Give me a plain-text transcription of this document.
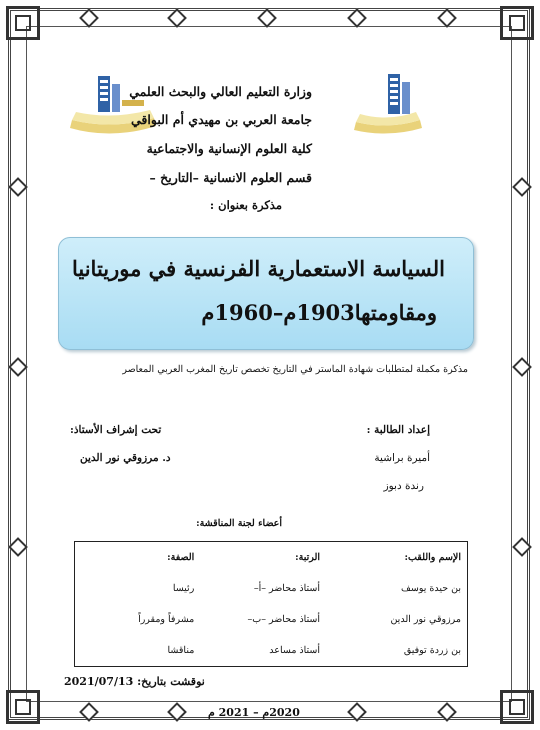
وزارة التعليم العالي والبحث العلمي
جامعة العربي بن مهيدي أم البواقي
كلية العلوم الإنسانية والاجتماعية
قسم العلوم الانسانية –التاريخ –
مذكرة بعنوان :
السياسة الاستعمارية الفرنسية في موريتانيا
ومقاومتها1903م–1960م
مذكرة مكملة لمتطلبات شهادة الماستر في التاريخ تخصص تاريخ المغرب العربي المعاصر
إعداد الطالبة :
أميرة براشية
رندة دبوز
تحت إشراف الأستاذ:
د. مرزوقي نور الدين
أعضاء لجنة المناقشة:
الإسم واللقب:	الرتبة:	الصفة:
بن حيدة يوسف	أستاذ محاضر –أ–	رئيسا
مرزوقي نور الدين	أستاذ محاضر –ب–	مشرفاً ومقرراً
بن زردة توفيق	أستاذ مساعد	مناقشا
نوقشت بتاريخ: 2021/07/13
2020م – 2021 م
